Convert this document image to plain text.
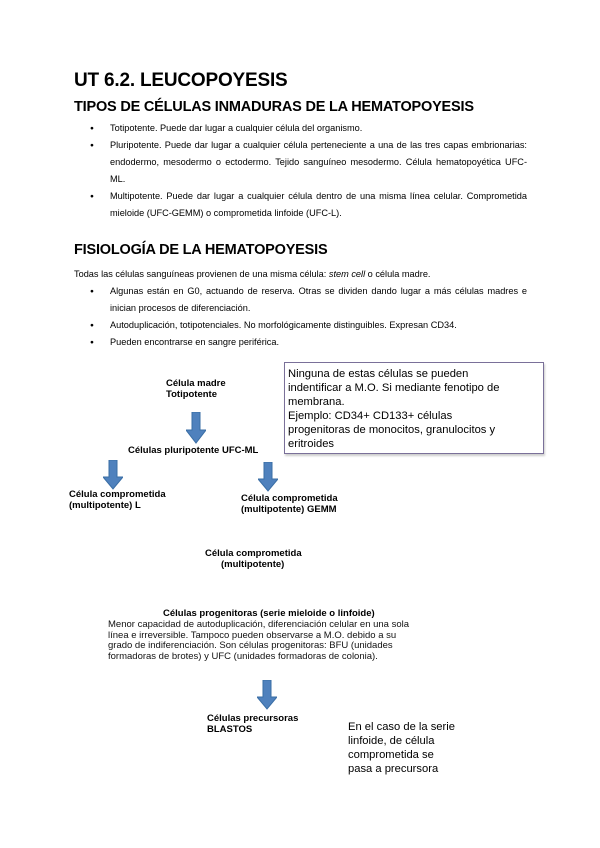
UT 6.2. LEUCOPOYESIS
TIPOS DE CÉLULAS INMADURAS DE LA HEMATOPOYESIS
● Totipotente. Puede dar lugar a cualquier célula del organismo.
● Pluripotente. Puede dar lugar a cualquier célula perteneciente a una de las tres capas embrionarias: endodermo, mesodermo o ectodermo. Tejido sanguíneo mesodermo. Célula hematopoyética UFC-ML.
● Multipotente. Puede dar lugar a cualquier célula dentro de una misma línea celular. Comprometida mieloide (UFC-GEMM) o comprometida linfoide (UFC-L).
FISIOLOGÍA DE LA HEMATOPOYESIS
Todas las células sanguíneas provienen de una misma célula: stem cell o célula madre.
● Algunas están en G0, actuando de reserva. Otras se dividen dando lugar a más células madres e inician procesos de diferenciación.
● Autoduplicación, totipotenciales. No morfológicamente distinguibles. Expresan CD34.
● Pueden encontrarse en sangre periférica.
Ninguna de estas células se pueden
indentificar a M.O. Si mediante fenotipo de
membrana.
Ejemplo: CD34+ CD133+ células
progenitoras de monocitos, granulocitos y
eritroides
Célula madre
Totipotente
Células pluripotente UFC-ML
Célula comprometida
(multipotente) L
Célula comprometida
(multipotente) GEMM
Célula comprometida
(multipotente)
Células progenitoras (serie mieloide o linfoide)
Menor capacidad de autoduplicación, diferenciación celular en una sola
línea e irreversible. Tampoco pueden observarse a M.O. debido a su
grado de indiferenciación. Son células progenitoras: BFU (unidades
formadoras de brotes) y UFC (unidades formadoras de colonia).
Células precursoras
BLASTOS	En el caso de la serie
linfoide, de célula
comprometida se
pasa a precursora
